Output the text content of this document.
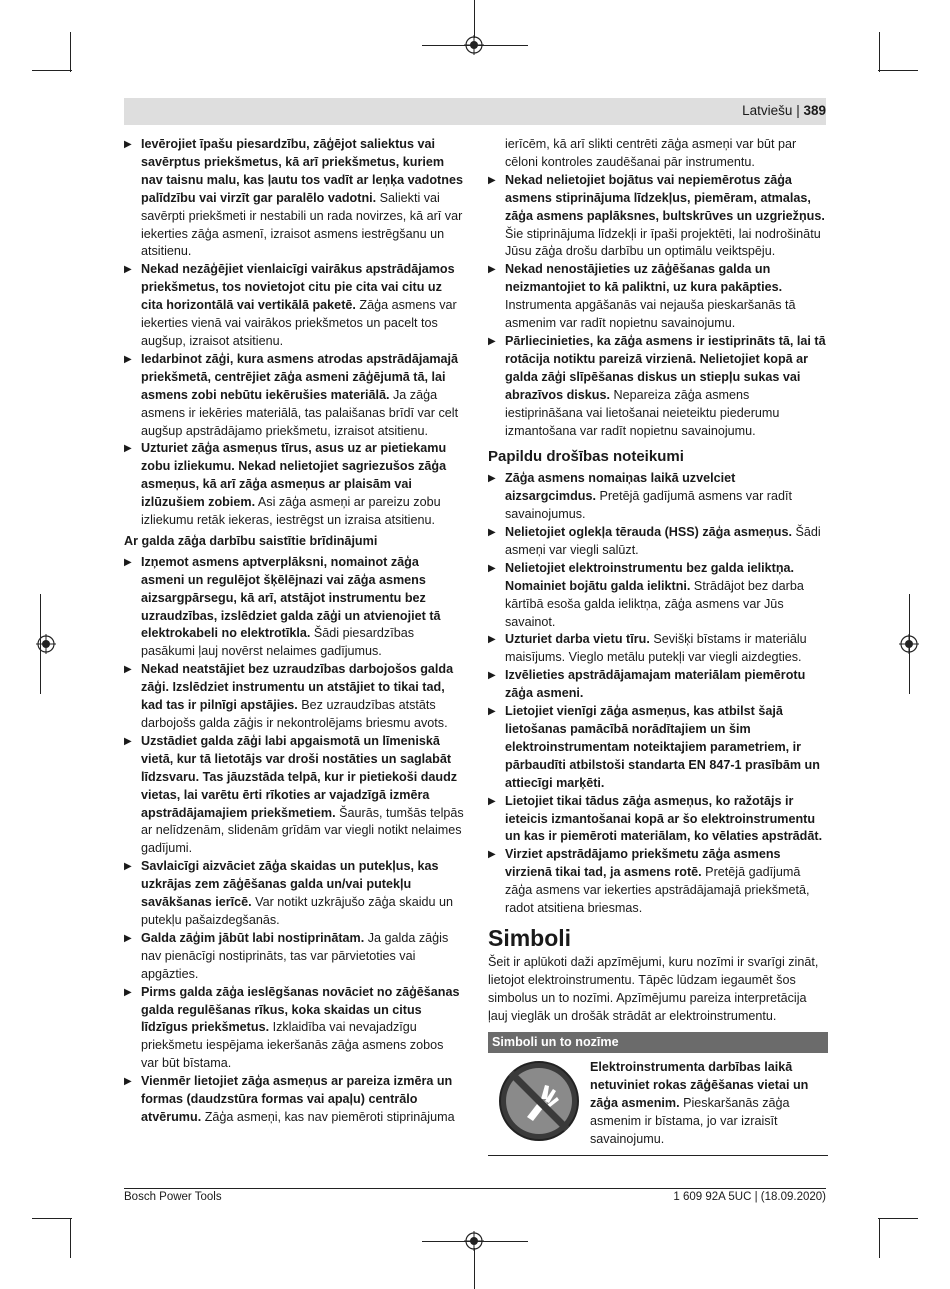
Latviešu | 389

▶ Ievērojiet īpašu piesardzību, zāģējot saliektus vai savērptus priekšmetus, kā arī priekšmetus, kuriem nav taisnu malu, kas ļautu tos vadīt ar leņķa vadotnes palīdzību vai virzīt gar paralēlo vadotni. Saliekti vai savērpti priekšmeti ir nestabili un rada novirzes, kā arī var iekerties zāģa asmenī, izraisot asmens iestrēgšanu un atsitienu.

▶ Nekad nezāģējiet vienlaicīgi vairākus apstrādājamos priekšmetus, tos novietojot citu pie cita vai citu uz cita horizontālā vai vertikālā paketē. Zāģa asmens var iekerties vienā vai vairākos priekšmetos un pacelt tos augšup, izraisot atsitienu.

▶ Iedarbinot zāģi, kura asmens atrodas apstrādājamajā priekšmetā, centrējiet zāģa asmeni zāģējumā tā, lai asmens zobi nebūtu iekērušies materiālā. Ja zāģa asmens ir iekēries materiālā, tas palaišanas brīdī var celt augšup apstrādājamo priekšmetu, izraisot atsitienu.

▶ Uzturiet zāģa asmeņus tīrus, asus uz ar pietiekamu zobu izliekumu. Nekad nelietojiet sagriezušos zāģa asmeņus, kā arī zāģa asmeņus ar plaisām vai izlūzušiem zobiem. Asi zāģa asmeņi ar pareizu zobu izliekumu retāk iekeras, iestrēgst un izraisa atsitienu.

Ar galda zāģa darbību saistītie brīdinājumi

▶ Izņemot asmens aptverplāksni, nomainot zāģa asmeni un regulējot šķēlējnazi vai zāģa asmens aizsargpārsegu, kā arī, atstājot instrumentu bez uzraudzības, izslēdziet galda zāģi un atvienojiet tā elektrokabeli no elektrotīkla. Šādi piesardzības pasākumi ļauj novērst nelaimes gadījumus.

▶ Nekad neatstājiet bez uzraudzības darbojošos galda zāģi. Izslēdziet instrumentu un atstājiet to tikai tad, kad tas ir pilnīgi apstājies. Bez uzraudzības atstāts darbojošs galda zāģis ir nekontrolējams briesmu avots.

▶ Uzstādiet galda zāģi labi apgaismotā un līmeniskā vietā, kur tā lietotājs var droši nostāties un saglabāt līdzsvaru. Tas jāuzstāda telpā, kur ir pietiekoši daudz vietas, lai varētu ērti rīkoties ar vajadzīgā izmēra apstrādājamajiem priekšmetiem. Šaurās, tumšās telpās ar nelīdzenām, slidenām grīdām var viegli notikt nelaimes gadījumi.

▶ Savlaicīgi aizvāciet zāģa skaidas un putekļus, kas uzkrājas zem zāģēšanas galda un/vai putekļu savākšanas ierīcē. Var notikt uzkrājušo zāģa skaidu un putekļu pašaizdegšanās.

▶ Galda zāģim jābūt labi nostiprinātam. Ja galda zāģis nav pienācīgi nostiprināts, tas var pārvietoties vai apgāzties.

▶ Pirms galda zāģa ieslēgšanas novāciet no zāģēšanas galda regulēšanas rīkus, koka skaidas un citus līdzīgus priekšmetus. Izklaidība vai nevajadzīgu priekšmetu iespējama iekeršanās zāģa asmens zobos var būt bīstama.

▶ Vienmēr lietojiet zāģa asmeņus ar pareiza izmēra un formas (daudzstūra formas vai apaļu) centrālo atvērumu. Zāģa asmeņi, kas nav piemēroti stiprinājuma

ierīcēm, kā arī slikti centrēti zāģa asmeņi var būt par cēloni kontroles zaudēšanai pār instrumentu.

▶ Nekad nelietojiet bojātus vai nepiemērotus zāģa asmens stiprinājuma līdzekļus, piemēram, atmalas, zāģa asmens paplāksnes, bultskrūves un uzgriežņus. Šie stiprinājuma līdzekļi ir īpaši projektēti, lai nodrošinātu Jūsu zāģa drošu darbību un optimālu veiktspēju.

▶ Nekad nenostājieties uz zāģēšanas galda un neizmantojiet to kā paliktni, uz kura pakāpties. Instrumenta apgāšanās vai nejauša pieskaršanās tā asmenim var radīt nopietnu savainojumu.

▶ Pārliecinieties, ka zāģa asmens ir iestiprināts tā, lai tā rotācija notiktu pareizā virzienā. Nelietojiet kopā ar galda zāģi slīpēšanas diskus un stiepļu sukas vai abrazīvos diskus. Nepareiza zāģa asmens iestiprināšana vai lietošanai neieteiktu piederumu izmantošana var radīt nopietnu savainojumu.

Papildu drošības noteikumi

▶ Zāģa asmens nomaiņas laikā uzvelciet aizsargcimdus. Pretējā gadījumā asmens var radīt savainojumus.

▶ Nelietojiet oglekļa tērauda (HSS) zāģa asmeņus. Šādi asmeņi var viegli salūzt.

▶ Nelietojiet elektroinstrumentu bez galda ieliktņa. Nomainiet bojātu galda ieliktni. Strādājot bez darba kārtībā esoša galda ieliktņa, zāģa asmens var Jūs savainot.

▶ Uzturiet darba vietu tīru. Sevišķi bīstams ir materiālu maisījums. Vieglo metālu putekļi var viegli aizdegties.

▶ Izvēlieties apstrādājamajam materiālam piemērotu zāģa asmeni.

▶ Lietojiet vienīgi zāģa asmeņus, kas atbilst šajā lietošanas pamācībā norādītajiem un šim elektroinstrumentam noteiktajiem parametriem, ir pārbaudīti atbilstoši standarta EN 847-1 prasībām un attiecīgi marķēti.

▶ Lietojiet tikai tādus zāģa asmeņus, ko ražotājs ir ieteicis izmantošanai kopā ar šo elektroinstrumentu un kas ir piemēroti materiālam, ko vēlaties apstrādāt.

▶ Virziet apstrādājamo priekšmetu zāģa asmens virzienā tikai tad, ja asmens rotē. Pretējā gadījumā zāģa asmens var iekerties apstrādājamajā priekšmetā, radot atsitiena briesmas.

Simboli

Šeit ir aplūkoti daži apzīmējumi, kuru nozīmi ir svarīgi zināt, lietojot elektroinstrumentu. Tāpēc lūdzam iegaumēt šos simbolus un to nozīmi. Apzīmējumu pareiza interpretācija ļauj vieglāk un drošāk strādāt ar elektroinstrumentu.

Simboli un to nozīme
Elektroinstrumenta darbības laikā netuviniet rokas zāģēšanas vietai un zāģa asmenim. Pieskaršanās zāģa asmenim ir bīstama, jo var izraisīt savainojumu.
Bosch Power Tools	1 609 92A 5UC | (18.09.2020)
